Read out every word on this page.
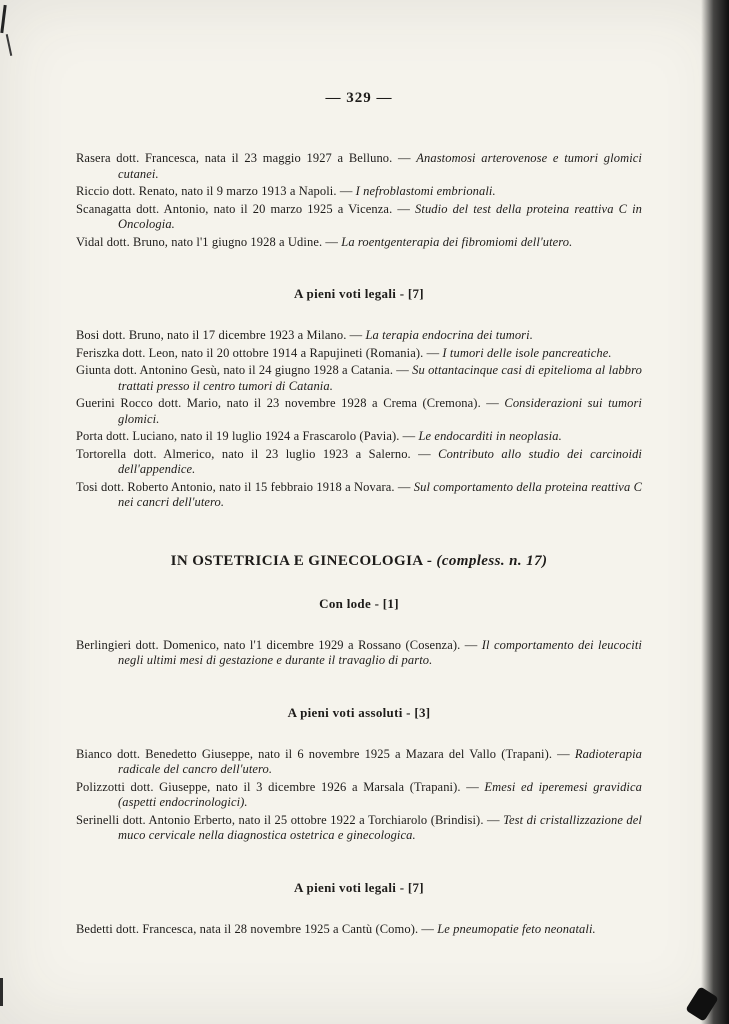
— 329 —

Rasera dott. Francesca, nata il 23 maggio 1927 a Belluno. — Anastomosi arterovenose e tumori glomici cutanei.

Riccio dott. Renato, nato il 9 marzo 1913 a Napoli. — I nefroblastomi embrionali.

Scanagatta dott. Antonio, nato il 20 marzo 1925 a Vicenza. — Studio del test della proteina reattiva C in Oncologia.

Vidal dott. Bruno, nato l'1 giugno 1928 a Udine. — La roentgenterapia dei fibromiomi dell'utero.

A pieni voti legali - [7]

Bosi dott. Bruno, nato il 17 dicembre 1923 a Milano. — La terapia endocrina dei tumori.

Feriszka dott. Leon, nato il 20 ottobre 1914 a Rapujineti (Romania). — I tumori delle isole pancreatiche.

Giunta dott. Antonino Gesù, nato il 24 giugno 1928 a Catania. — Su ottantacinque casi di epitelioma al labbro trattati presso il centro tumori di Catania.

Guerini Rocco dott. Mario, nato il 23 novembre 1928 a Crema (Cremona). — Considerazioni sui tumori glomici.

Porta dott. Luciano, nato il 19 luglio 1924 a Frascarolo (Pavia). — Le endocarditi in neoplasia.

Tortorella dott. Almerico, nato il 23 luglio 1923 a Salerno. — Contributo allo studio dei carcinoidi dell'appendice.

Tosi dott. Roberto Antonio, nato il 15 febbraio 1918 a Novara. — Sul comportamento della proteina reattiva C nei cancri dell'utero.

IN OSTETRICIA E GINECOLOGIA - (compless. n. 17)
Con lode - [1]

Berlingieri dott. Domenico, nato l'1 dicembre 1929 a Rossano (Cosenza). — Il comportamento dei leucociti negli ultimi mesi di gestazione e durante il travaglio di parto.

A pieni voti assoluti - [3]

Bianco dott. Benedetto Giuseppe, nato il 6 novembre 1925 a Mazara del Vallo (Trapani). — Radioterapia radicale del cancro dell'utero.

Polizzotti dott. Giuseppe, nato il 3 dicembre 1926 a Marsala (Trapani). — Emesi ed iperemesi gravidica (aspetti endocrinologici).

Serinelli dott. Antonio Erberto, nato il 25 ottobre 1922 a Torchiarolo (Brindisi). — Test di cristallizzazione del muco cervicale nella diagnostica ostetrica e ginecologica.

A pieni voti legali - [7]

Bedetti dott. Francesca, nata il 28 novembre 1925 a Cantù (Como). — Le pneumopatie feto neonatali.
